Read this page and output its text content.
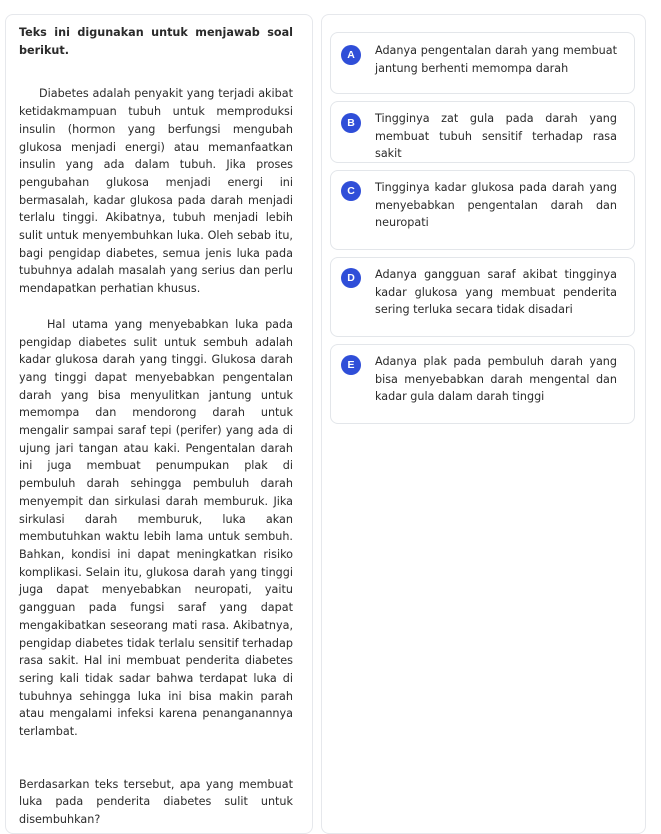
Teks ini digunakan untuk menjawab soal berikut.

Diabetes adalah penyakit yang terjadi akibat ketidakmampuan tubuh untuk memproduksi insulin (hormon yang berfungsi mengubah glukosa menjadi energi) atau memanfaatkan insulin yang ada dalam tubuh. Jika proses pengubahan glukosa menjadi energi ini bermasalah, kadar glukosa pada darah menjadi terlalu tinggi. Akibatnya, tubuh menjadi lebih sulit untuk menyembuhkan luka. Oleh sebab itu, bagi pengidap diabetes, semua jenis luka pada tubuhnya adalah masalah yang serius dan perlu mendapatkan perhatian khusus.

Hal utama yang menyebabkan luka pada pengidap diabetes sulit untuk sembuh adalah kadar glukosa darah yang tinggi. Glukosa darah yang tinggi dapat menyebabkan pengentalan darah yang bisa menyulitkan jantung untuk memompa dan mendorong darah untuk mengalir sampai saraf tepi (perifer) yang ada di ujung jari tangan atau kaki. Pengentalan darah ini juga membuat penumpukan plak di pembuluh darah sehingga pembuluh darah menyempit dan sirkulasi darah memburuk. Jika sirkulasi darah memburuk, luka akan membutuhkan waktu lebih lama untuk sembuh. Bahkan, kondisi ini dapat meningkatkan risiko komplikasi. Selain itu, glukosa darah yang tinggi juga dapat menyebabkan neuropati, yaitu gangguan pada fungsi saraf yang dapat mengakibatkan seseorang mati rasa. Akibatnya, pengidap diabetes tidak terlalu sensitif terhadap rasa sakit. Hal ini membuat penderita diabetes sering kali tidak sadar bahwa terdapat luka di tubuhnya sehingga luka ini bisa makin parah atau mengalami infeksi karena penanganannya terlambat.

Berdasarkan teks tersebut, apa yang membuat luka pada penderita diabetes sulit untuk disembuhkan?

A	Adanya pengentalan darah yang membuat jantung berhenti memompa darah
B	Tingginya zat gula pada darah yang membuat tubuh sensitif terhadap rasa sakit
C	Tingginya kadar glukosa pada darah yang menyebabkan pengentalan darah dan neuropati
D	Adanya gangguan saraf akibat tingginya kadar glukosa yang membuat penderita sering terluka secara tidak disadari
E	Adanya plak pada pembuluh darah yang bisa menyebabkan darah mengental dan kadar gula dalam darah tinggi
